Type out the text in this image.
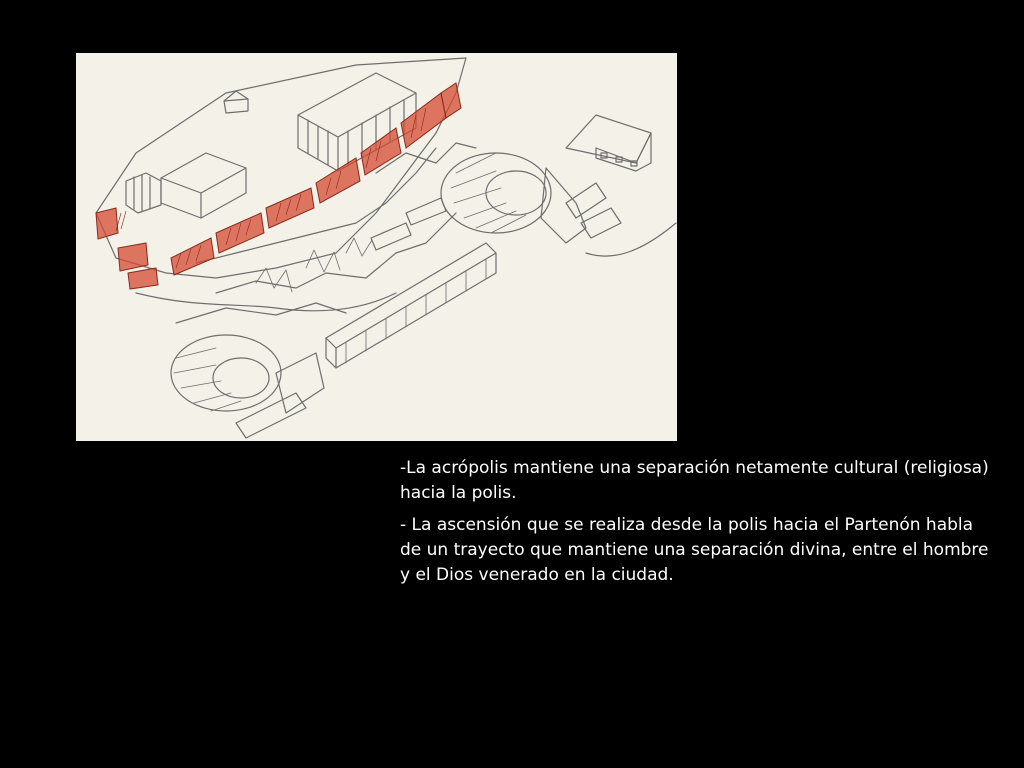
-La acrópolis mantiene una separación netamente cultural (religiosa) hacia la polis.

- La ascensión que se realiza desde la polis hacia el Partenón habla de un trayecto que mantiene una separación divina, entre el hombre y el Dios venerado en la ciudad.
